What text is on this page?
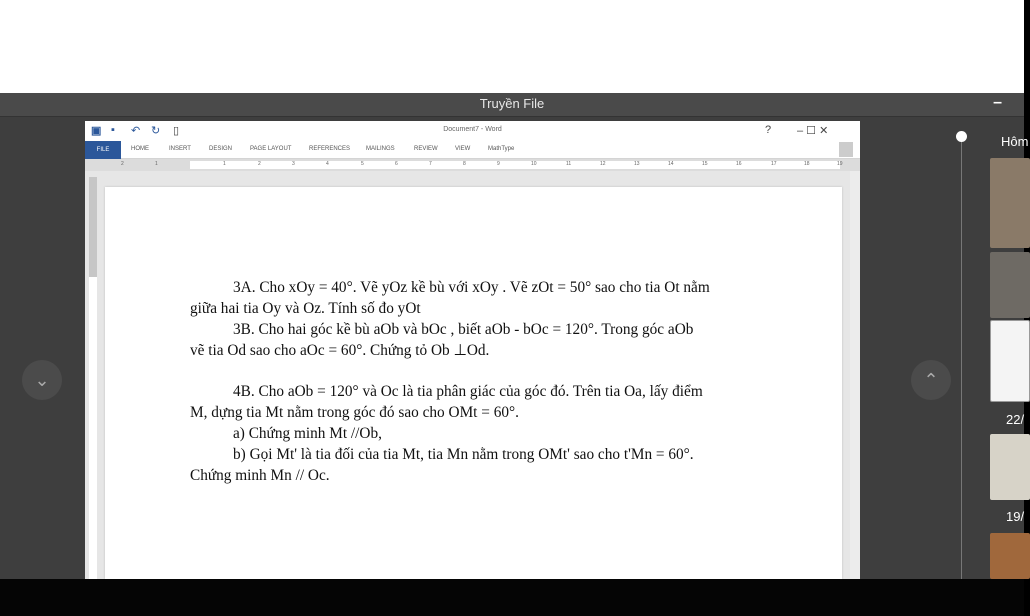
Truyền File	–
⌄	⌃
▣ ▪ ↶ ↻ ▯	Document7 - Word	? – ☐ ✕
FILE	HOME	INSERT	DESIGN	PAGE LAYOUT	REFERENCES	MAILINGS	REVIEW	VIEW	MathType
2	1	1	2	3	4	5	6	7	8	9	10	11	12	13	14	15	16	17	18	19

3A. Cho xOy = 40°. Vẽ yOz kề bù với xOy . Vẽ zOt = 50° sao cho tia Ot nằm

giữa hai tia Oy và Oz. Tính số đo yOt

3B. Cho hai góc kề bù aOb và bOc , biết aOb - bOc = 120°. Trong góc aOb

vẽ tia Od sao cho aOc = 60°. Chứng tỏ Ob ⊥Od.

4B. Cho aOb = 120° và Oc là tia phân giác của góc đó. Trên tia Oa, lấy điểm

M, dựng tia Mt nằm trong góc đó sao cho OMt = 60°.

a) Chứng minh Mt //Ob,

b) Gọi Mt' là tia đối của tia Mt, tia Mn nằm trong OMt' sao cho t'Mn = 60°.

Chứng minh Mn // Oc.

Hôm
22/
19/
